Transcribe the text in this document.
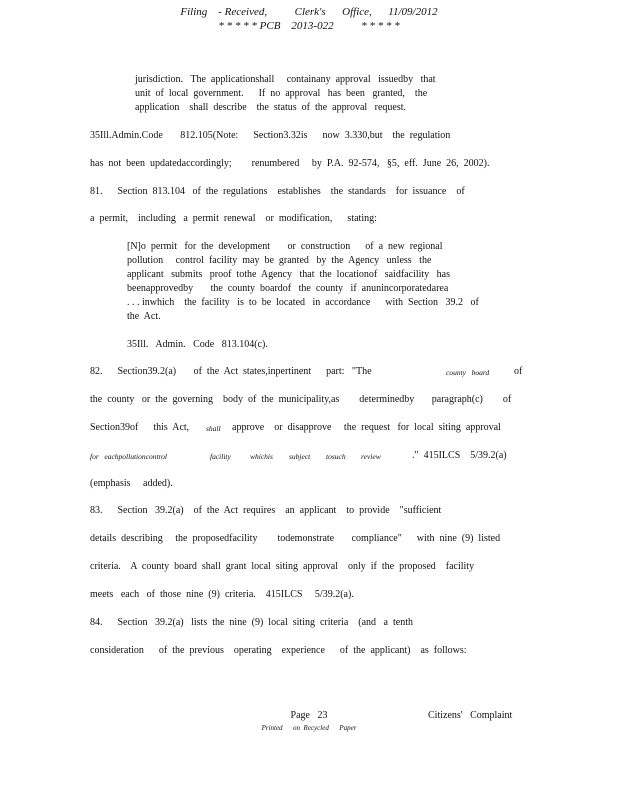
Filing    - Received,          Clerk's      Office,      11/09/2012
* * * * * PCB    2013-022          * * * * *
jurisdiction.   The  applicationshall     containany  approval   issuedby   that
unit  of  local  government.      If  no  approval   has  been   granted,    the
application    shall  describe    the  status  of  the  approval   request.
35Ill.Admin.Code       812.105(Note:      Section3.32is      now  3.330,but    the  regulation
has  not  been  updatedaccordingly;        renumbered     by  P.A.  92-574,   §5,  eff.  June  26,  2002).
81.      Section  813.104   of  the  regulations    establishes    the  standards    for  issuance    of
a  permit,    including   a  permit  renewal    or  modification,      stating:
[N]o  permit   for  the  development       or  construction      of  a  new  regional
pollution     control  facility  may  be  granted   by  the  Agency   unless   the
applicant   submits   proof  tothe  Agency   that  the  locationof   saidfacility   has
beenapprovedby       the  county  boardof   the  county   if  anunincorporatedarea
. . . inwhich    the  facility   is  to  be  located   in  accordance      with  Section   39.2   of
the  Act.
35Ill.   Admin.   Code   813.104(c).
82.      Section39.2(a)       of  the  Act  states,inpertinent      part:   "The	county   board of
the  county   or  the  governing    body  of  the  municipality,as        determinedby       paragraph(c)        of
Section39of      this  Act, shall approve    or  disapprove     the  request   for  local  siting  approval
for   eachpollutioncontrol	facility	whichis subject tosuch review	."  415ILCS    5/39.2(a)
(emphasis     added).
83.      Section   39.2(a)    of  the  Act  requires    an  applicant    to  provide    "sufficient
details  describing     the  proposedfacility        todemonstrate       compliance"      with  nine  (9)  listed
criteria.    A  county  board  shall  grant  local  siting  approval    only  if  the  proposed    facility
meets   each   of  those  nine  (9)  criteria.    415ILCS     5/39.2(a).
84.      Section   39.2(a)   lists  the  nine  (9)  local  siting  criteria    (and   a  tenth
consideration      of  the  previous    operating    experience      of  the  applicant)    as  follows:
Page   23
Printed      on  Recycled      Paper
Citizens'   Complaint
